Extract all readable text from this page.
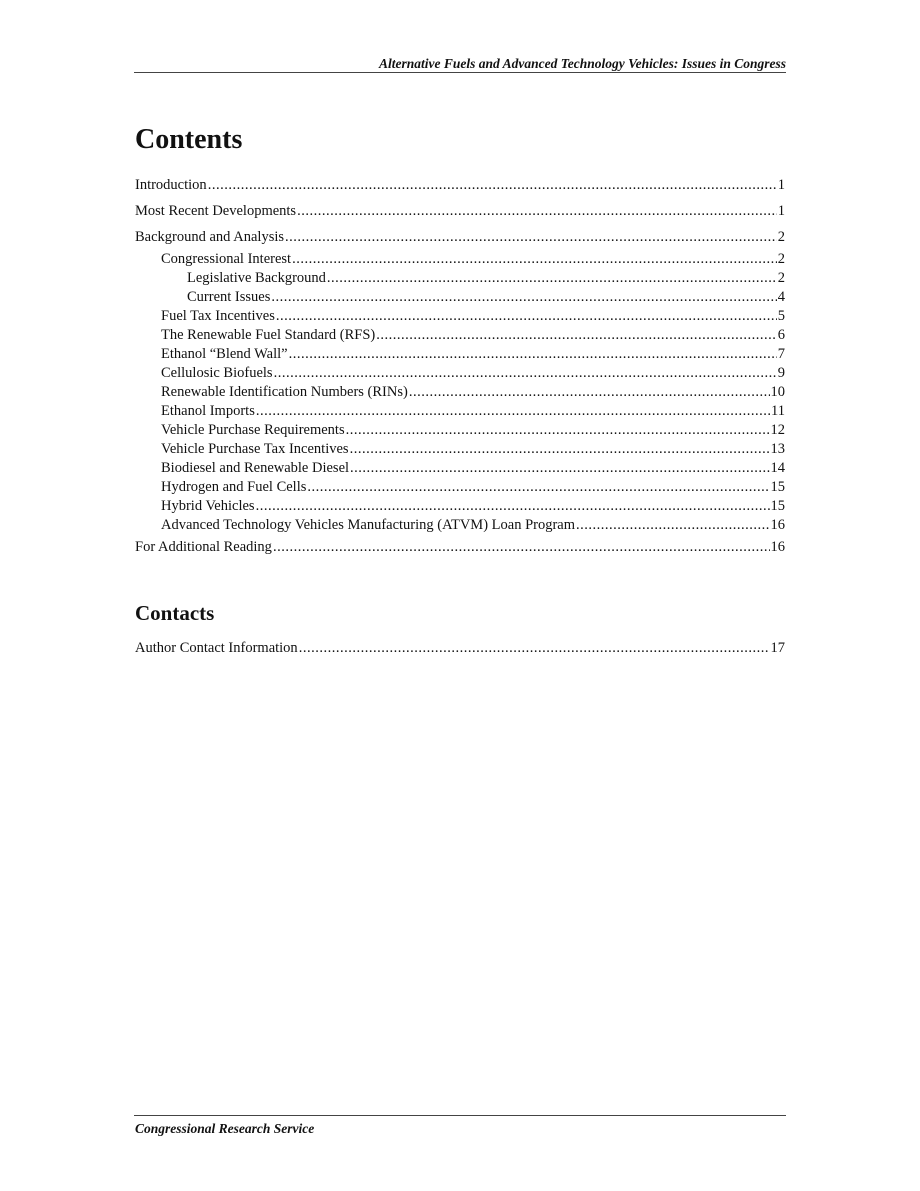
Alternative Fuels and Advanced Technology Vehicles: Issues in Congress
Contents
Introduction .....	1
Most Recent Developments .....	1
Background and Analysis .....	2
Congressional Interest .....	2
Legislative Background .....	2
Current Issues .....	4
Fuel Tax Incentives .....	5
The Renewable Fuel Standard (RFS) .....	6
Ethanol “Blend Wall” .....	7
Cellulosic Biofuels .....	9
Renewable Identification Numbers (RINs) .....	10
Ethanol Imports .....	11
Vehicle Purchase Requirements .....	12
Vehicle Purchase Tax Incentives .....	13
Biodiesel and Renewable Diesel .....	14
Hydrogen and Fuel Cells .....	15
Hybrid Vehicles .....	15
Advanced Technology Vehicles Manufacturing (ATVM) Loan Program .....	16
For Additional Reading .....	16
Contacts
Author Contact Information .....	17
Congressional Research Service
